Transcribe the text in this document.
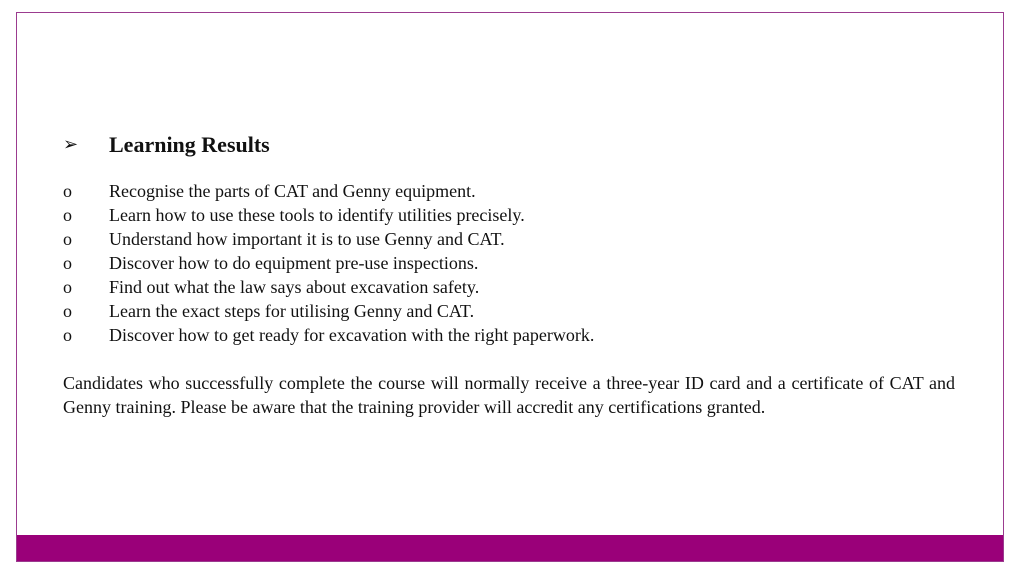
➢	Learning Results
o	Recognise the parts of CAT and Genny equipment.
o	Learn how to use these tools to identify utilities precisely.
o	Understand how important it is to use Genny and CAT.
o	Discover how to do equipment pre-use inspections.
o	Find out what the law says about excavation safety.
o	Learn the exact steps for utilising Genny and CAT.
o	Discover how to get ready for excavation with the right paperwork.

Candidates who successfully complete the course will normally receive a three-year ID card and a certificate of CAT and Genny training. Please be aware that the training provider will accredit any certifications granted.
